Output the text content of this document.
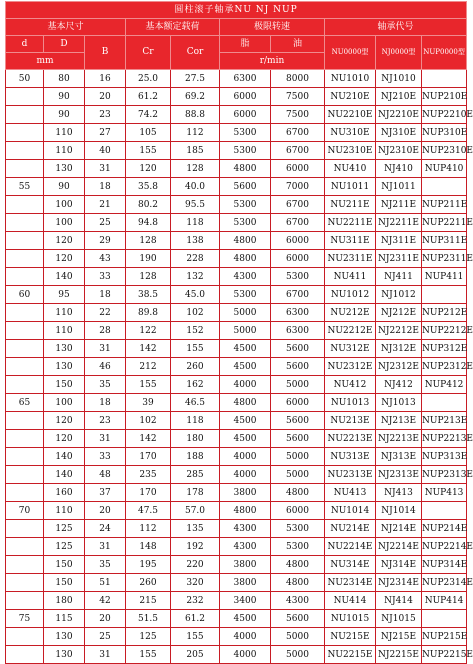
圆柱滚子轴承NU NJ NUP									
基本尺寸			基本额定载荷		极限转速		轴承代号		
d	D	B	Cr	Cor	脂	油	NU0000型	NJ0000型	NUP0000型
mm					r/min				
50	80	16	25.0	27.5	6300	8000	NU1010	NJ1010	
	90	20	61.2	69.2	6000	7500	NU210E	NJ210E	NUP210E
	90	23	74.2	88.8	6000	7500	NU2210E	NJ2210E	NUP2210E
	110	27	105	112	5300	6700	NU310E	NJ310E	NUP310E
	110	40	155	185	5300	6700	NU2310E	NJ2310E	NUP2310E
	130	31	120	128	4800	6000	NU410	NJ410	NUP410
55	90	18	35.8	40.0	5600	7000	NU1011	NJ1011	
	100	21	80.2	95.5	5300	6700	NU211E	NJ211E	NUP211E
	100	25	94.8	118	5300	6700	NU2211E	NJ2211E	NUP2211E
	120	29	128	138	4800	6000	NU311E	NJ311E	NUP311E
	120	43	190	228	4800	6000	NU2311E	NJ2311E	NUP2311E
	140	33	128	132	4300	5300	NU411	NJ411	NUP411
60	95	18	38.5	45.0	5300	6700	NU1012	NJ1012	
	110	22	89.8	102	5000	6300	NU212E	NJ212E	NUP212E
	110	28	122	152	5000	6300	NU2212E	NJ2212E	NUP2212E
	130	31	142	155	4500	5600	NU312E	NJ312E	NUP312E
	130	46	212	260	4500	5600	NU2312E	NJ2312E	NUP2312E
	150	35	155	162	4000	5000	NU412	NJ412	NUP412
65	100	18	39	46.5	4800	6000	NU1013	NJ1013	
	120	23	102	118	4500	5600	NU213E	NJ213E	NUP213E
	120	31	142	180	4500	5600	NU2213E	NJ2213E	NUP2213E
	140	33	170	188	4000	5000	NU313E	NJ313E	NUP313E
	140	48	235	285	4000	5000	NU2313E	NJ2313E	NUP2313E
	160	37	170	178	3800	4800	NU413	NJ413	NUP413
70	110	20	47.5	57.0	4800	6000	NU1014	NJ1014	
	125	24	112	135	4300	5300	NU214E	NJ214E	NUP214E
	125	31	148	192	4300	5300	NU2214E	NJ2214E	NUP2214E
	150	35	195	220	3800	4800	NU314E	NJ314E	NUP314E
	150	51	260	320	3800	4800	NU2314E	NJ2314E	NUP2314E
	180	42	215	232	3400	4300	NU414	NJ414	NUP414
75	115	20	51.5	61.2	4500	5600	NU1015	NJ1015	
	130	25	125	155	4000	5000	NU215E	NJ215E	NUP215E
	130	31	155	205	4000	5000	NU2215E	NJ2215E	NUP2215E
